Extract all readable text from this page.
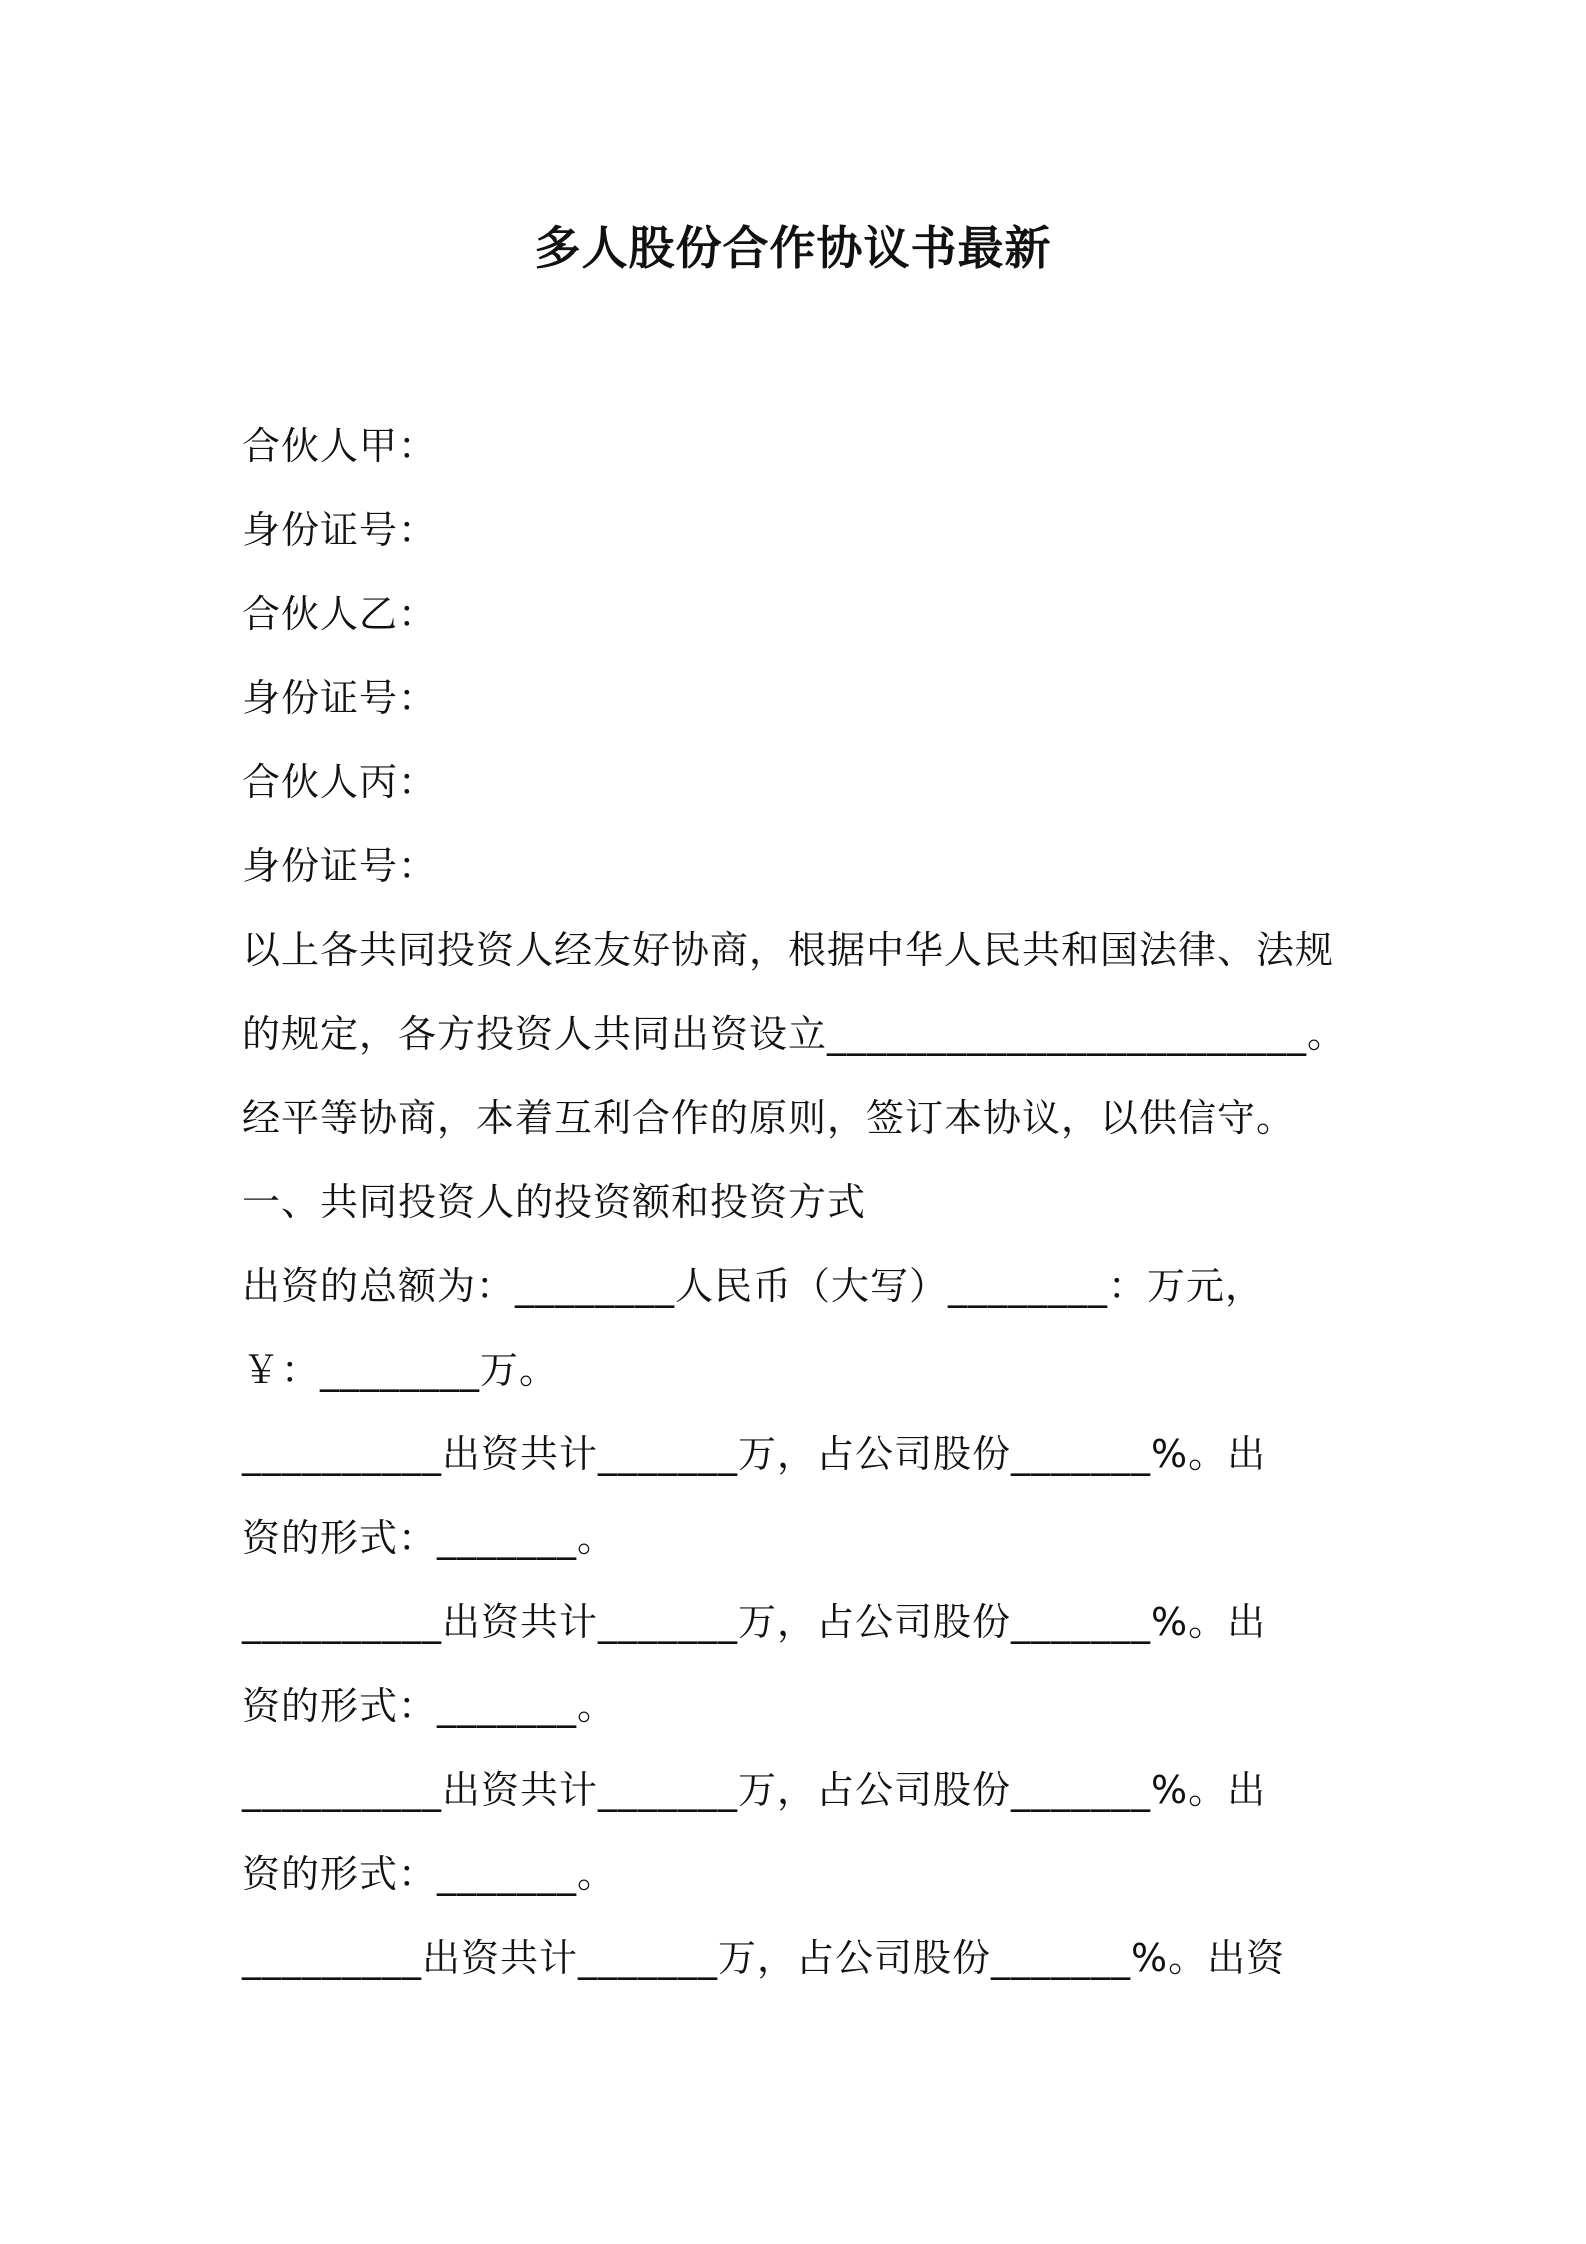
多人股份合作协议书最新
合伙人甲：
身份证号：
合伙人乙：
身份证号：
合伙人丙：
身份证号：
以上各共同投资人经友好协商，根据中华人民共和国法律、法规
的规定，各方投资人共同出资设立________________________。
经平等协商，本着互利合作的原则，签订本协议，以供信守。
一、共同投资人的投资额和投资方式
出资的总额为：________人民币（大写）________：万元，
￥：________万。
__________出资共计_______万，占公司股份_______%。出
资的形式：_______。
__________出资共计_______万，占公司股份_______%。出
资的形式：_______。
__________出资共计_______万，占公司股份_______%。出
资的形式：_______。
_________出资共计_______万，占公司股份_______%。出资
